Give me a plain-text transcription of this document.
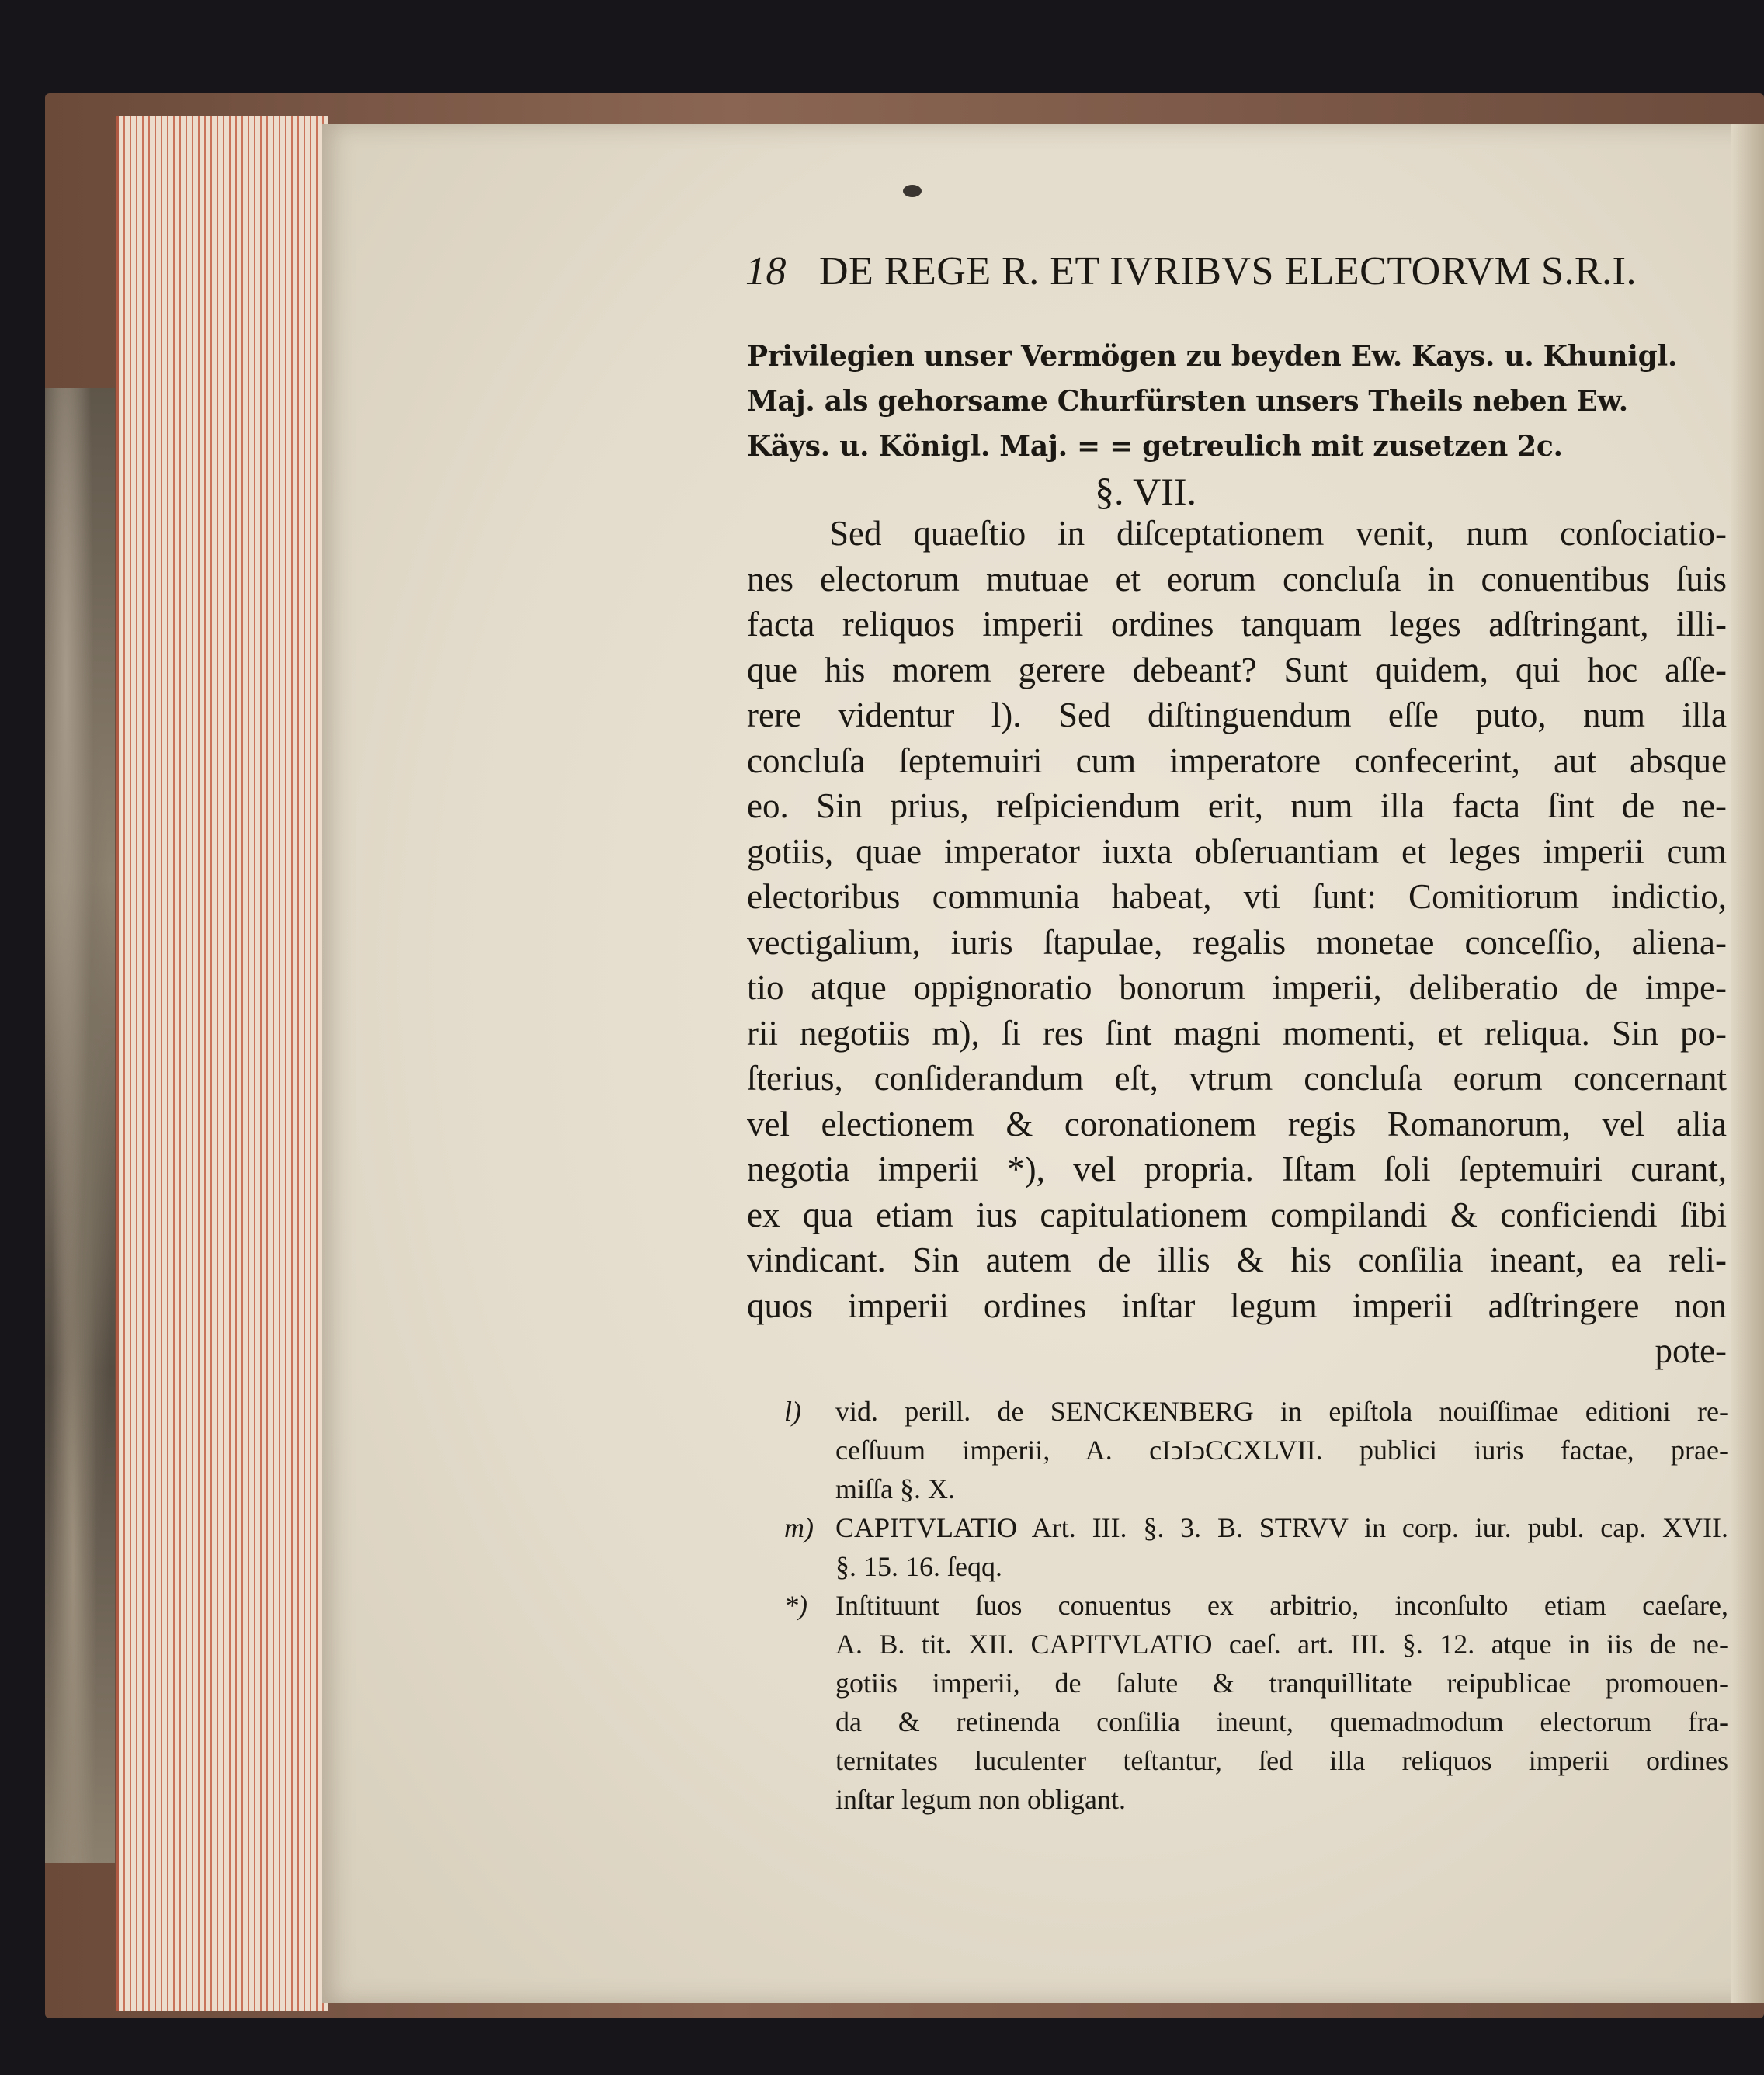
18 DE REGE R. ET IVRIBVS ELECTORVM S.R.I.
Privilegien unser Vermögen zu beyden Ew. Kays. u. Khunigl.
Maj. als gehorsame Churfürsten unsers Theils neben Ew.
Käys. u. Königl. Maj. = = getreulich mit zusetzen 2c.
§. VII.
Sed quaeſtio in diſceptationem venit, num conſociatio-
nes electorum mutuae et eorum concluſa in conuentibus ſuis
facta reliquos imperii ordines tanquam leges adſtringant, illi-
que his morem gerere debeant? Sunt quidem, qui hoc aſſe-
rere videntur l). Sed diſtinguendum eſſe puto, num illa
concluſa ſeptemuiri cum imperatore confecerint, aut absque
eo. Sin prius, reſpiciendum erit, num illa facta ſint de ne-
gotiis, quae imperator iuxta obſeruantiam et leges imperii cum
electoribus communia habeat, vti ſunt: Comitiorum indictio,
vectigalium, iuris ſtapulae, regalis monetae conceſſio, aliena-
tio atque oppignoratio bonorum imperii, deliberatio de impe-
rii negotiis m), ſi res ſint magni momenti, et reliqua. Sin po-
ſterius, conſiderandum eſt, vtrum concluſa eorum concernant
vel electionem & coronationem regis Romanorum, vel alia
negotia imperii *), vel propria. Iſtam ſoli ſeptemuiri curant,
ex qua etiam ius capitulationem compilandi & conficiendi ſibi
vindicant. Sin autem de illis & his conſilia ineant, ea reli-
quos imperii ordines inſtar legum imperii adſtringere non
pote-
l) vid. perill. de SENCKENBERG in epiſtola nouiſſimae editioni re-
ceſſuum imperii, A. cIↄIↄCCXLVII. publici iuris factae, prae-
miſſa §. X.
m) CAPITVLATIO Art. III. §. 3. B. STRVV in corp. iur. publ. cap. XVII.
§. 15. 16. ſeqq.
*) Inſtituunt ſuos conuentus ex arbitrio, inconſulto etiam caeſare,
A. B. tit. XII. CAPITVLATIO caeſ. art. III. §. 12. atque in iis de ne-
gotiis imperii, de ſalute & tranquillitate reipublicae promouen-
da & retinenda conſilia ineunt, quemadmodum electorum fra-
ternitates luculenter teſtantur, ſed illa reliquos imperii ordines
inſtar legum non obligant.
